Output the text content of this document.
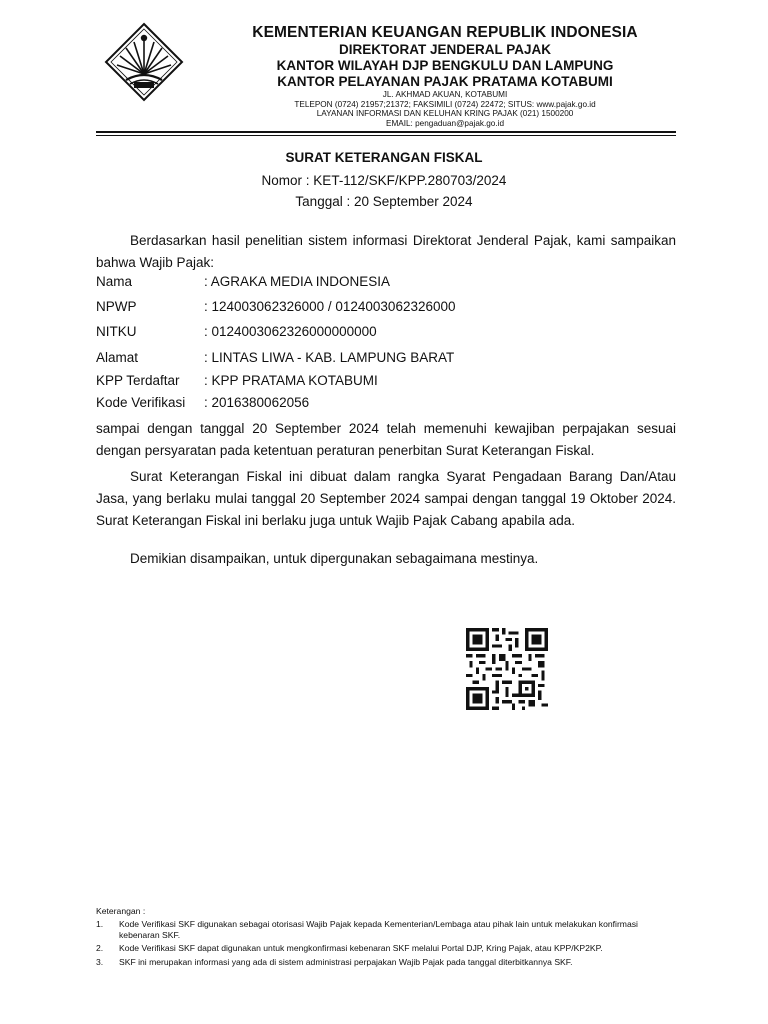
KEMENTERIAN KEUANGAN REPUBLIK INDONESIA
DIREKTORAT JENDERAL PAJAK
KANTOR WILAYAH DJP BENGKULU DAN LAMPUNG
KANTOR PELAYANAN PAJAK PRATAMA KOTABUMI
JL. AKHMAD AKUAN, KOTABUMI
TELEPON (0724) 21957;21372; FAKSIMILI (0724) 22472; SITUS: www.pajak.go.id
LAYANAN INFORMASI DAN KELUHAN KRING PAJAK (021) 1500200
EMAIL: pengaduan@pajak.go.id
SURAT KETERANGAN FISKAL
Nomor : KET-112/SKF/KPP.280703/2024
Tanggal : 20 September 2024
Berdasarkan hasil penelitian sistem informasi Direktorat Jenderal Pajak, kami sampaikan bahwa Wajib Pajak:
Nama	: AGRAKA MEDIA INDONESIA
NPWP	: 124003062326000 / 0124003062326000
NITKU	: 0124003062326000000000
Alamat	: LINTAS LIWA - KAB. LAMPUNG BARAT
KPP Terdaftar	: KPP PRATAMA KOTABUMI
Kode Verifikasi	: 2016380062056
sampai dengan tanggal 20 September 2024 telah memenuhi kewajiban perpajakan sesuai dengan persyaratan pada ketentuan peraturan penerbitan Surat Keterangan Fiskal.
Surat Keterangan Fiskal ini dibuat dalam rangka Syarat Pengadaan Barang Dan/Atau Jasa, yang berlaku mulai tanggal 20 September 2024 sampai dengan tanggal 19 Oktober 2024. Surat Keterangan Fiskal ini berlaku juga untuk Wajib Pajak Cabang apabila ada.
Demikian disampaikan, untuk dipergunakan sebagaimana mestinya.
Keterangan :
1. Kode Verifikasi SKF digunakan sebagai otorisasi Wajib Pajak kepada Kementerian/Lembaga atau pihak lain untuk melakukan konfirmasi kebenaran SKF.
2. Kode Verifikasi SKF dapat digunakan untuk mengkonfirmasi kebenaran SKF melalui Portal DJP, Kring Pajak, atau KPP/KP2KP.
3. SKF ini merupakan informasi yang ada di sistem administrasi perpajakan Wajib Pajak pada tanggal diterbitkannya SKF.
